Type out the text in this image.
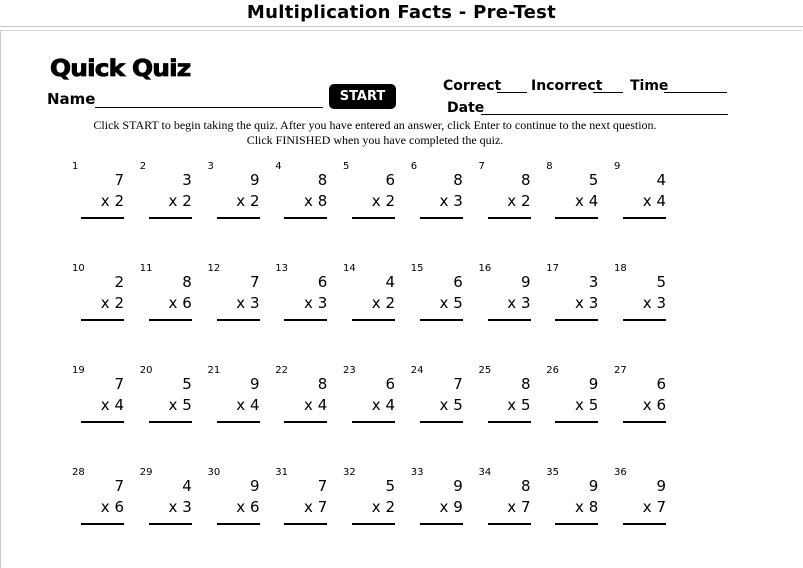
Multiplication Facts - Pre-Test
Quick Quiz
Name	START
Correct Incorrect Time
Date
Click START to begin taking the quiz. After you have entered an answer, click Enter to continue to the next question.
Click FINISHED when you have completed the quiz.
1
7
x 2
2
3
x 2
3
9
x 2
4
8
x 8
5
6
x 2
6
8
x 3
7
8
x 2
8
5
x 4
9
4
x 4
10
2
x 2
11
8
x 6
12
7
x 3
13
6
x 3
14
4
x 2
15
6
x 5
16
9
x 3
17
3
x 3
18
5
x 3
19
7
x 4
20
5
x 5
21
9
x 4
22
8
x 4
23
6
x 4
24
7
x 5
25
8
x 5
26
9
x 5
27
6
x 6
28
7
x 6
29
4
x 3
30
9
x 6
31
7
x 7
32
5
x 2
33
9
x 9
34
8
x 7
35
9
x 8
36
9
x 7
